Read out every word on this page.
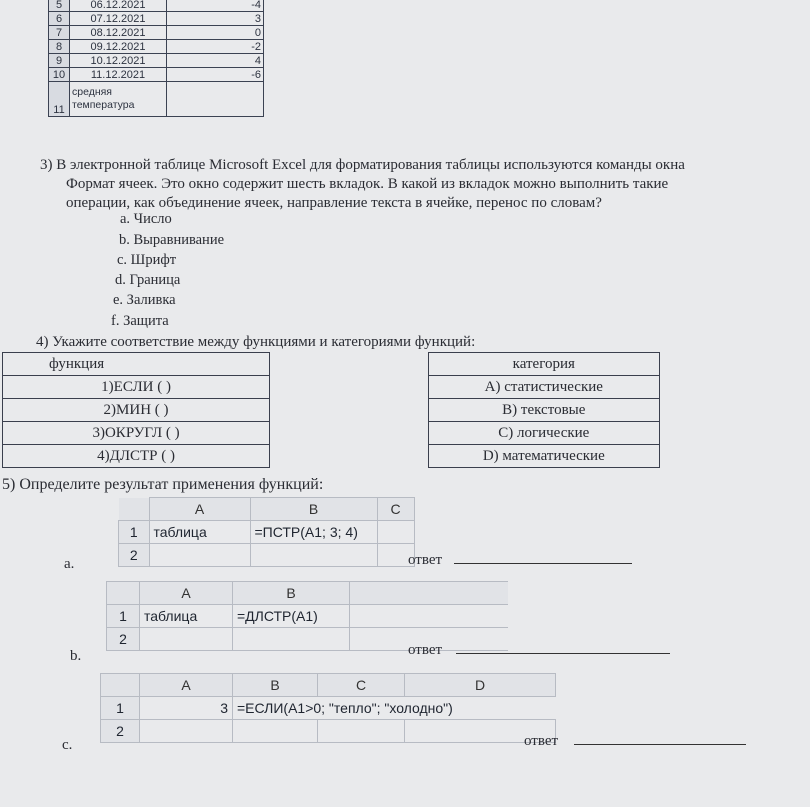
5	06.12.2021	-4
6	07.12.2021	3
7	08.12.2021	0
8	09.12.2021	-2
9	10.12.2021	4
10	11.12.2021	-6
11	средняя
температура	

3) В электронной таблице Microsoft Excel для форматирования таблицы используются команды окна
Формат ячеек. Это окно содержит шесть вкладок. В какой из вкладок можно выполнить такие
операции, как объединение ячеек, направление текста в ячейке, перенос по словам?
a. Число
b. Выравнивание
c. Шрифт
d. Граница
e. Заливка
f. Защита
4) Укажите соответствие между функциями и категориями функций:
функция		категория
1)ЕСЛИ ( )		A) статистические
2)МИН ( )		B) текстовые
3)ОКРУГЛ ( )		C) логические
4)ДЛСТР ( )		D) математические
5) Определите результат применения функций:
	A	B	C
1	таблица	=ПСТР(A1; 3; 4)	
2			
a.	ответ
	A	B	
1	таблица	=ДЛСТР(A1)	
2			
b.	ответ
	A	B	C	D
1	3	=ЕСЛИ(A1>0; "тепло"; "холодно")		
2				
c.	ответ
